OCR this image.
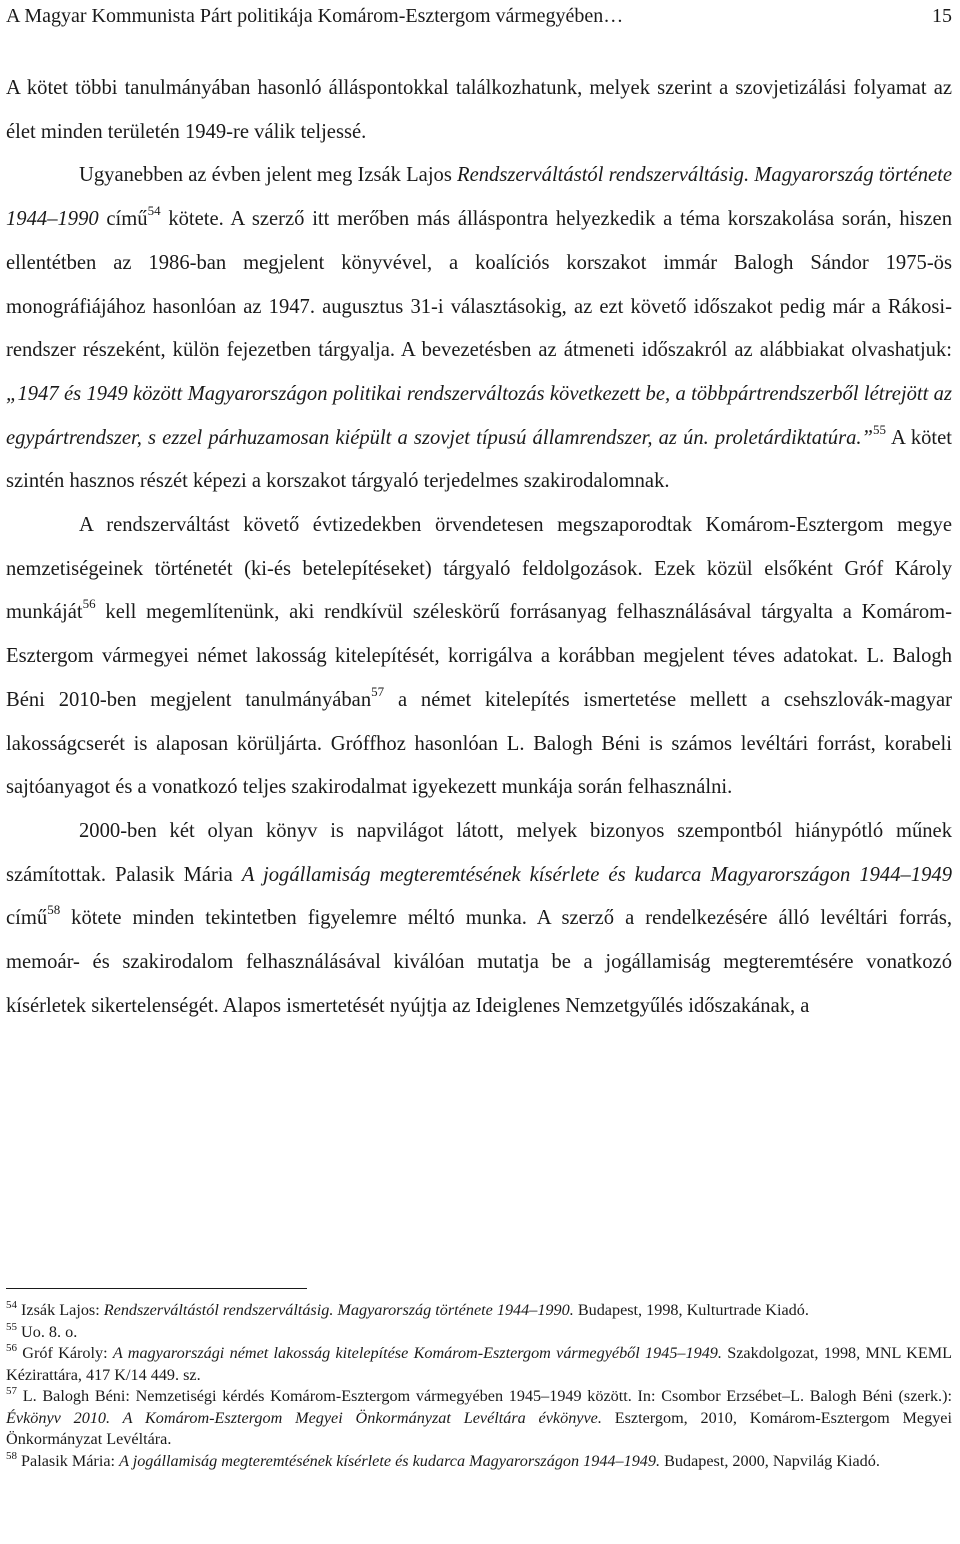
A Magyar Kommunista Párt politikája Komárom-Esztergom vármegyében…	15

A kötet többi tanulmányában hasonló álláspontokkal találkozhatunk, melyek szerint a szovjetizálási folyamat az élet minden területén 1949-re válik teljessé.

Ugyanebben az évben jelent meg Izsák Lajos Rendszerváltástól rendszerváltásig. Magyarország története 1944–1990 című$^{54}$ kötete. A szerző itt merőben más álláspontra helyezkedik a téma korszakolása során, hiszen ellentétben az 1986-ban megjelent könyvével, a koalíciós korszakot immár Balogh Sándor 1975-ös monográfiájához hasonlóan az 1947. augusztus 31-i választásokig, az ezt követő időszakot pedig már a Rákosi-rendszer részeként, külön fejezetben tárgyalja. A bevezetésben az átmeneti időszakról az alábbiakat olvashatjuk: „1947 és 1949 között Magyarországon politikai rendszerváltozás következett be, a többpártrendszerből létrejött az egypártrendszer, s ezzel párhuzamosan kiépült a szovjet típusú államrendszer, az ún. proletárdiktatúra.”$^{55}$ A kötet szintén hasznos részét képezi a korszakot tárgyaló terjedelmes szakirodalomnak.

A rendszerváltást követő évtizedekben örvendetesen megszaporodtak Komárom-Esztergom megye nemzetiségeinek történetét (ki-és betelepítéseket) tárgyaló feldolgozások. Ezek közül elsőként Gróf Károly munkáját$^{56}$ kell megemlítenünk, aki rendkívül széleskörű forrásanyag felhasználásával tárgyalta a Komárom-Esztergom vármegyei német lakosság kitelepítését, korrigálva a korábban megjelent téves adatokat. L. Balogh Béni 2010-ben megjelent tanulmányában$^{57}$ a német kitelepítés ismertetése mellett a csehszlovák-magyar lakosságcserét is alaposan körüljárta. Gróffhoz hasonlóan L. Balogh Béni is számos levéltári forrást, korabeli sajtóanyagot és a vonatkozó teljes szakirodalmat igyekezett munkája során felhasználni.

2000-ben két olyan könyv is napvilágot látott, melyek bizonyos szempontból hiánypótló műnek számítottak. Palasik Mária A jogállamiság megteremtésének kísérlete és kudarca Magyarországon 1944–1949 című$^{58}$ kötete minden tekintetben figyelemre méltó munka. A szerző a rendelkezésére álló levéltári forrás, memoár- és szakirodalom felhasználásával kiválóan mutatja be a jogállamiság megteremtésére vonatkozó kísérletek sikertelenségét. Alapos ismertetését nyújtja az Ideiglenes Nemzetgyűlés időszakának, a

$^{54}$ Izsák Lajos: Rendszerváltástól rendszerváltásig. Magyarország története 1944–1990. Budapest, 1998, Kulturtrade Kiadó.

$^{55}$ Uo. 8. o.

$^{56}$ Gróf Károly: A magyarországi német lakosság kitelepítése Komárom-Esztergom vármegyéből 1945–1949. Szakdolgozat, 1998, MNL KEML Kézirattára, 417 K/14 449. sz.

$^{57}$ L. Balogh Béni: Nemzetiségi kérdés Komárom-Esztergom vármegyében 1945–1949 között. In: Csombor Erzsébet–L. Balogh Béni (szerk.): Évkönyv 2010. A Komárom-Esztergom Megyei Önkormányzat Levéltára évkönyve. Esztergom, 2010, Komárom-Esztergom Megyei Önkormányzat Levéltára.

$^{58}$ Palasik Mária: A jogállamiság megteremtésének kísérlete és kudarca Magyarországon 1944–1949. Budapest, 2000, Napvilág Kiadó.
